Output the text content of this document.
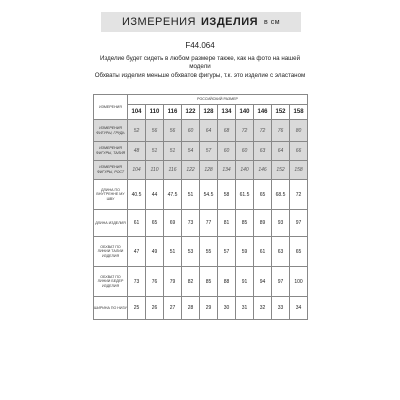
ИЗМЕРЕНИЯ ИЗДЕЛИЯ в см
F44.064
Изделие будет сидеть в любом размере также, как на фото на нашей модели
Обхваты изделия меньше обхватов фигуры, т.к. это изделие с эластаном
ИЗМЕРЕНИЯ	РОССИЙСКИЙ РАЗМЕР									
	104	110	116	122	128	134	140	146	152	158
ИЗМЕРЕНИЯ ФИГУРЫ, ГРУДЬ	52	56	56	60	64	68	72	72	76	80
ИЗМЕРЕНИЯ ФИГУРЫ, ТАЛИЯ	48	51	51	54	57	60	60	63	64	66
ИЗМЕРЕНИЯ ФИГУРЫ, РОСТ	104	110	116	122	128	134	140	146	152	158
ДЛИНА ПО ВНУТРЕННЕ МУ ШВУ	40.5	44	47.5	51	54.5	58	61.5	65	68.5	72
ДЛИНА ИЗДЕЛИЯ	61	65	69	73	77	81	85	89	93	97
ОБХВАТ ПО ЛИНИИ ТАЛИИ ИЗДЕЛИЯ	47	49	51	53	55	57	59	61	63	65
ОБХВАТ ПО ЛИНИИ БЕДЕР ИЗДЕЛИЯ	73	76	79	82	85	88	91	94	97	100
ШИРИНА ПО НИЗУ	25	26	27	28	29	30	31	32	33	34
